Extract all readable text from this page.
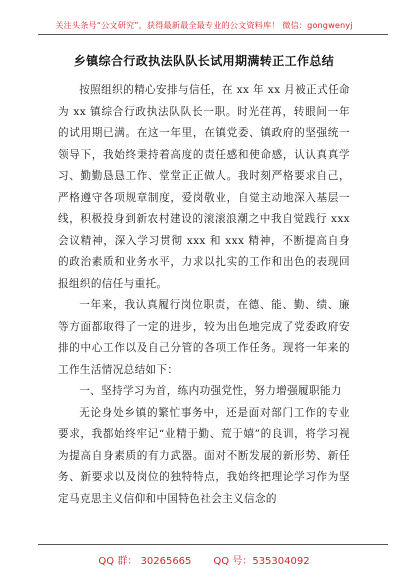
关注头条号“公文研究”，获得最新最全最专业的公文资料库！ 微信：gongwenyj
乡镇综合行政执法队队长试用期满转正工作总结

按照组织的精心安排与信任，在 xx 年 xx 月被正式任命为 xx 镇综合行政执法队队长一职。时光荏苒，转眼间一年的试用期已满。在这一年里，在镇党委、镇政府的坚强统一领导下，我始终秉持着高度的责任感和使命感，认认真真学习、勤勤恳恳工作、堂堂正正做人。我时刻严格要求自己，严格遵守各项规章制度，爱岗敬业，自觉主动地深入基层一线，积极投身到新农村建设的滚滚浪潮之中我自觉践行 xxx 会议精神，深入学习贯彻 xxx 和 xxx 精神，不断提高自身的政治素质和业务水平，力求以扎实的工作和出色的表现回报组织的信任与重托。

一年来，我认真履行岗位职责，在德、能、勤、绩、廉等方面都取得了一定的进步，较为出色地完成了党委政府安排的中心工作以及自己分管的各项工作任务。现将一年来的工作生活情况总结如下：

一、坚持学习为首，练内功强党性，努力增强履职能力

无论身处乡镇的繁忙事务中，还是面对部门工作的专业要求，我都始终牢记“业精于勤、荒于嬉”的良训，将学习视为提高自身素质的有力武器。面对不断发展的新形势、新任务、新要求以及岗位的独特特点，我始终把理论学习作为坚定马克思主义信仰和中国特色社会主义信念的

QQ 群： 30265665 QQ 号：535304092
